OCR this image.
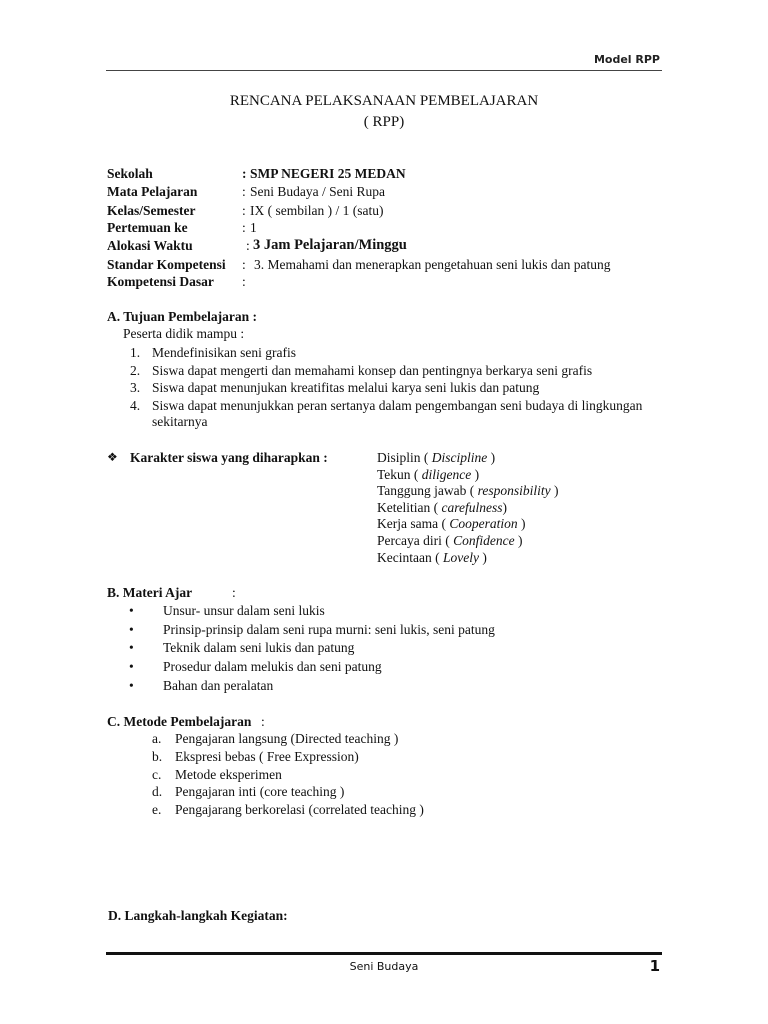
Model RPP
RENCANA PELAKSANAAN PEMBELAJARAN
( RPP)
Sekolah	: SMP NEGERI 25 MEDAN
Mata Pelajaran	: Seni Budaya / Seni Rupa
Kelas/Semester	: IX ( sembilan ) / 1 (satu)
Pertemuan ke	: 1
Alokasi Waktu	: 3 Jam Pelajaran/Minggu
Standar Kompetensi : 3. Memahami dan menerapkan pengetahuan seni lukis dan patung
Kompetensi Dasar :
A. Tujuan Pembelajaran :
Peserta didik mampu :
1. Mendefinisikan seni grafis
2. Siswa dapat mengerti dan memahami konsep dan pentingnya berkarya seni grafis
3. Siswa dapat menunjukan kreatifitas melalui karya seni lukis dan patung
4. Siswa dapat menunjukkan peran sertanya dalam pengembangan seni budaya di lingkungan
sekitarnya
❖ Karakter siswa yang diharapkan :	Disiplin ( Discipline )
Tekun ( diligence )
Tanggung jawab ( responsibility )
Ketelitian ( carefulness)
Kerja sama ( Cooperation )
Percaya diri ( Confidence )
Kecintaan ( Lovely )
B. Materi Ajar	:
• Unsur- unsur dalam seni lukis
• Prinsip-prinsip dalam seni rupa murni: seni lukis, seni patung
• Teknik dalam seni lukis dan patung
• Prosedur dalam melukis dan seni patung
• Bahan dan peralatan
C. Metode Pembelajaran :
a. Pengajaran langsung (Directed teaching )
b. Ekspresi bebas ( Free Expression)
c. Metode eksperimen
d. Pengajaran inti (core teaching )
e. Pengajarang berkorelasi (correlated teaching )
D. Langkah-langkah Kegiatan:
Seni Budaya	1
